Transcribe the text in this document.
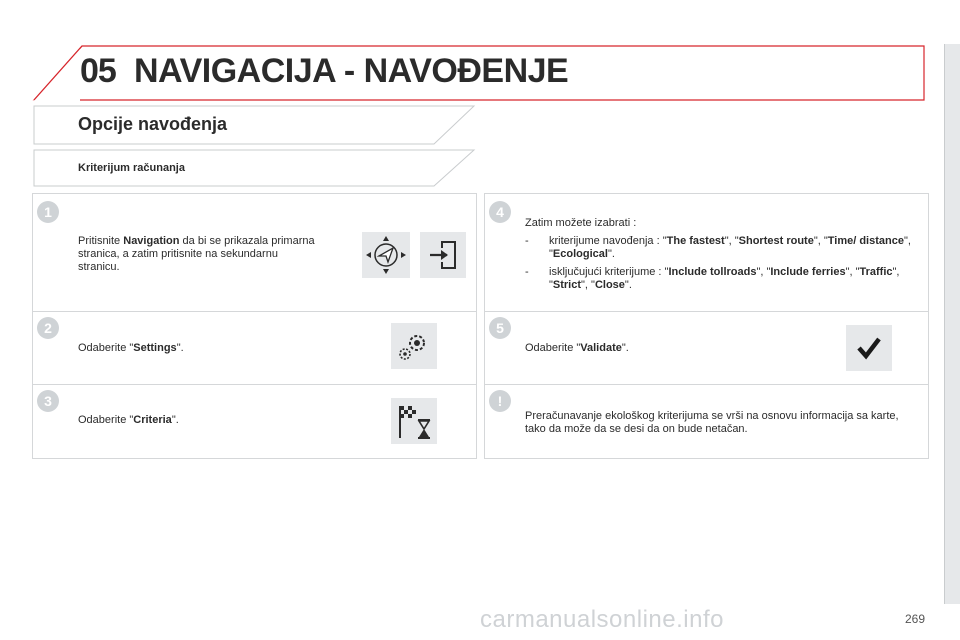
05 NAVIGACIJA - NAVOĐENJE
Opcije navođenja
Kriterijum računanja
1
Pritisnite Navigation da bi se prikazala primarna stranica, a zatim pritisnite na sekundarnu stranicu.
2
Odaberite "Settings".
3
Odaberite "Criteria".
4
Zatim možete izabrati :
- kriterijume navođenja : "The fastest", "Shortest route", "Time/ distance", "Ecological".
- isključujući kriterijume : "Include tollroads", "Include ferries", "Traffic", "Strict", "Close".
5
Odaberite "Validate".
!
Preračunavanje ekološkog kriterijuma se vrši na osnovu informacija sa karte, tako da može da se desi da on bude netačan.
carmanualsonline.info	269
